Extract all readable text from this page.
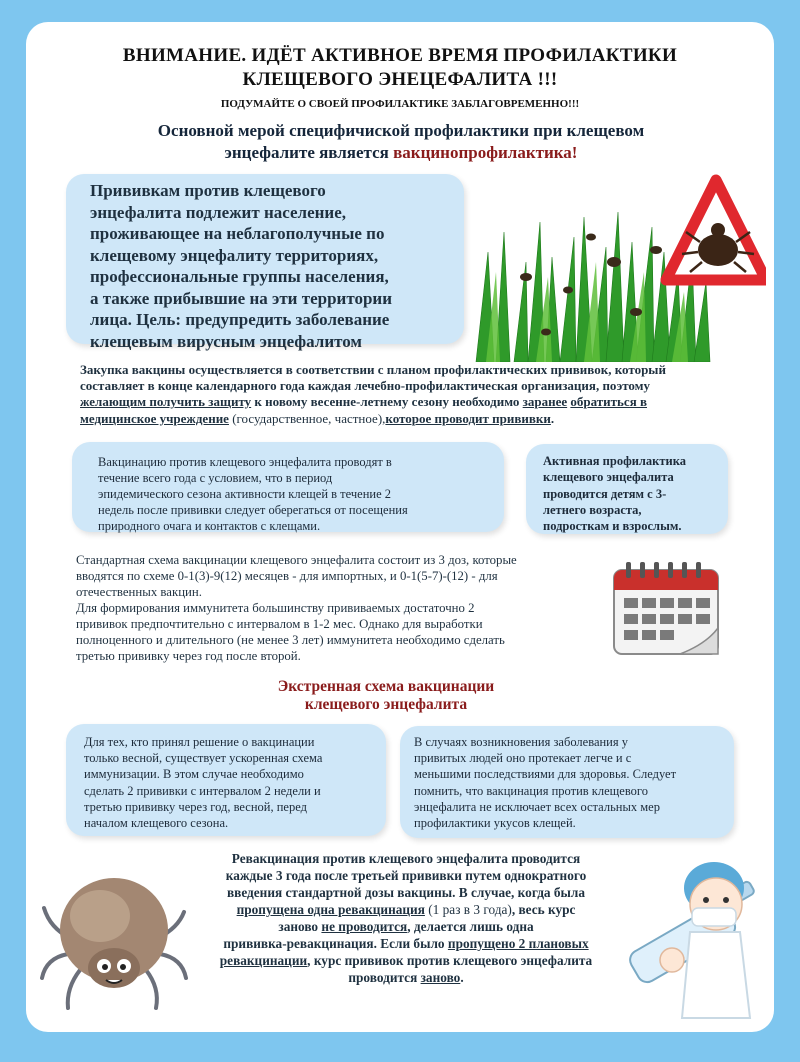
ВНИМАНИЕ. ИДЁТ АКТИВНОЕ ВРЕМЯ ПРОФИЛАКТИКИ
КЛЕЩЕВОГО ЭНЕЦЕФАЛИТА !!!
ПОДУМАЙТЕ О СВОЕЙ ПРОФИЛАКТИКЕ ЗАБЛАГОВРЕМЕННО!!!
Основной мерой специфичиской профилактики при клещевом
энцефалите является вакцинопрофилактика!
Прививкам против клещевого
энцефалита подлежит население,
проживающее на неблагополучные по
клещевому энцефалиту территориях,
профессиональные группы населения,
а также прибывшие на эти территории
лица. Цель: предупредить заболевание
клещевым вирусным энцефалитом
Закупка вакцины осуществляется в соответствии с планом профилактических прививок, который
составляет в конце календарного года каждая лечебно-профилактическая организация, поэтому
желающим получить защиту к новому весенне-летнему сезону необходимо заранее обратиться в
медицинское учреждение (государственное, частное),которое проводит прививки.
Вакцинацию против клещевого энцефалита проводят в
течение всего года с условием, что в период
эпидемического сезона активности клещей в течение 2
недель после прививки следует оберегаться от посещения
природного очага и контактов с клещами.
Активная профилактика
клещевого энцефалита
проводится детям с 3-
летнего возраста,
подросткам и взрослым.
Стандартная схема вакцинации клещевого энцефалита состоит из 3 доз, которые
вводятся по схеме 0-1(3)-9(12) месяцев - для импортных, и 0-1(5-7)-(12) - для
отечественных вакцин.
Для формирования иммунитета большинству прививаемых достаточно 2
прививок предпочтительно с интервалом в 1-2 мес. Однако для выработки
полноценного и длительного (не менее 3 лет) иммунитета необходимо сделать
третью прививку через год после второй.
Экстренная схема вакцинации
клещевого энцефалита
Для тех, кто принял решение о вакцинации
только весной, существует ускоренная схема
иммунизации. В этом случае необходимо
сделать 2 прививки с интервалом 2 недели и
третью прививку через год, весной, перед
началом клещевого сезона.
В случаях возникновения заболевания у
привитых людей оно протекает легче и с
меньшими последствиями для здоровья. Следует
помнить, что вакцинация против клещевого
энцефалита не исключает всех остальных мер
профилактики укусов клещей.
Ревакцинация против клещевого энцефалита проводится
каждые 3 года после третьей прививки путем однократного
введения стандартной дозы вакцины. В случае, когда была
пропущена одна ревакцинация (1 раз в 3 года), весь курс
заново не проводится, делается лишь одна
прививка-ревакцинация. Если было пропущено 2 плановых
ревакцинации, курс прививок против клещевого энцефалита
проводится заново.
